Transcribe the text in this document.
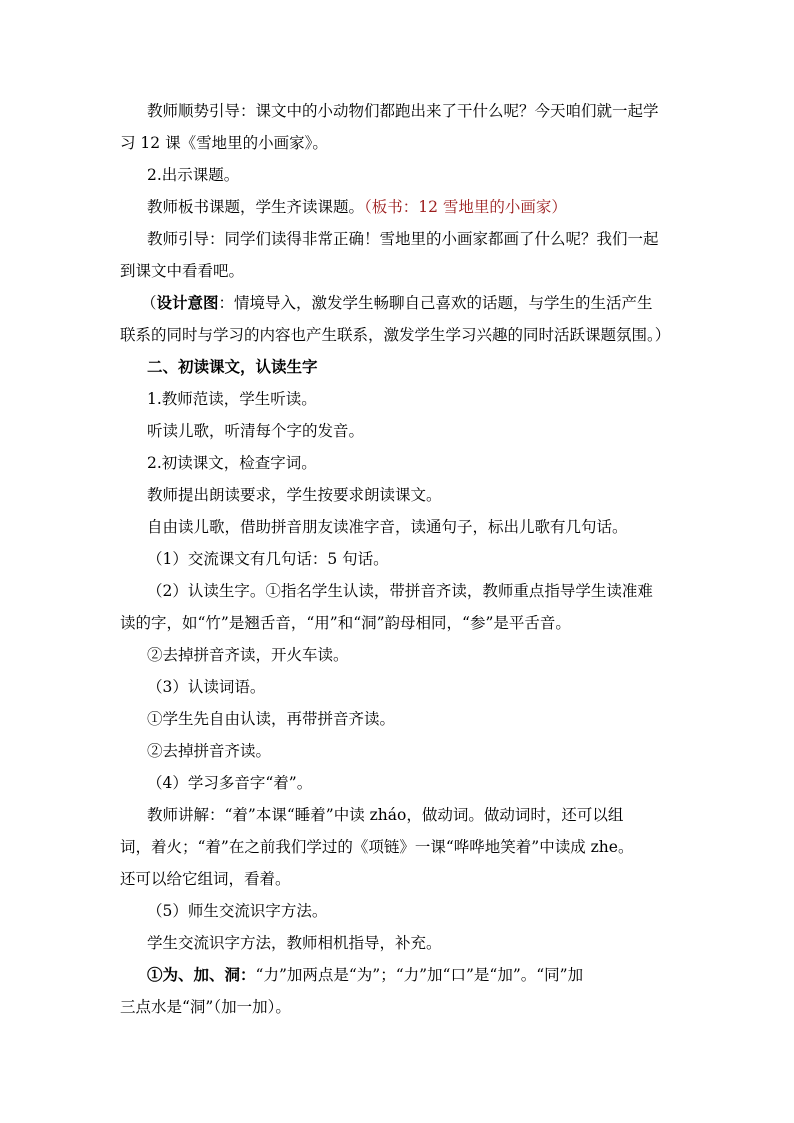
教师顺势引导：课文中的小动物们都跑出来了干什么呢？今天咱们就一起学
习 12 课《雪地里的小画家》。
2.出示课题。
教师板书课题，学生齐读课题。（板书：12 雪地里的小画家）
教师引导：同学们读得非常正确！雪地里的小画家都画了什么呢？我们一起
到课文中看看吧。
（设计意图：情境导入，激发学生畅聊自己喜欢的话题，与学生的生活产生
联系的同时与学习的内容也产生联系，激发学生学习兴趣的同时活跃课题氛围。）
二、初读课文，认读生字
1.教师范读，学生听读。
听读儿歌，听清每个字的发音。
2.初读课文，检查字词。
教师提出朗读要求，学生按要求朗读课文。
自由读儿歌，借助拼音朋友读准字音，读通句子，标出儿歌有几句话。
（1）交流课文有几句话：5 句话。
（2）认读生字。①指名学生认读，带拼音齐读，教师重点指导学生读准难
读的字，如“竹”是翘舌音，“用”和“洞”韵母相同，“参”是平舌音。
②去掉拼音齐读，开火车读。
（3）认读词语。
①学生先自由认读，再带拼音齐读。
②去掉拼音齐读。
（4）学习多音字“着”。
教师讲解：“着”本课“睡着”中读 zháo，做动词。做动词时，还可以组
词，着火；“着”在之前我们学过的《项链》一课“哗哗地笑着”中读成 zhe。
还可以给它组词，看着。
（5）师生交流识字方法。
学生交流识字方法，教师相机指导，补充。
①为、加、洞：“力”加两点是“为”；“力”加“口”是“加”。“同”加
三点水是“洞”（加一加）。
